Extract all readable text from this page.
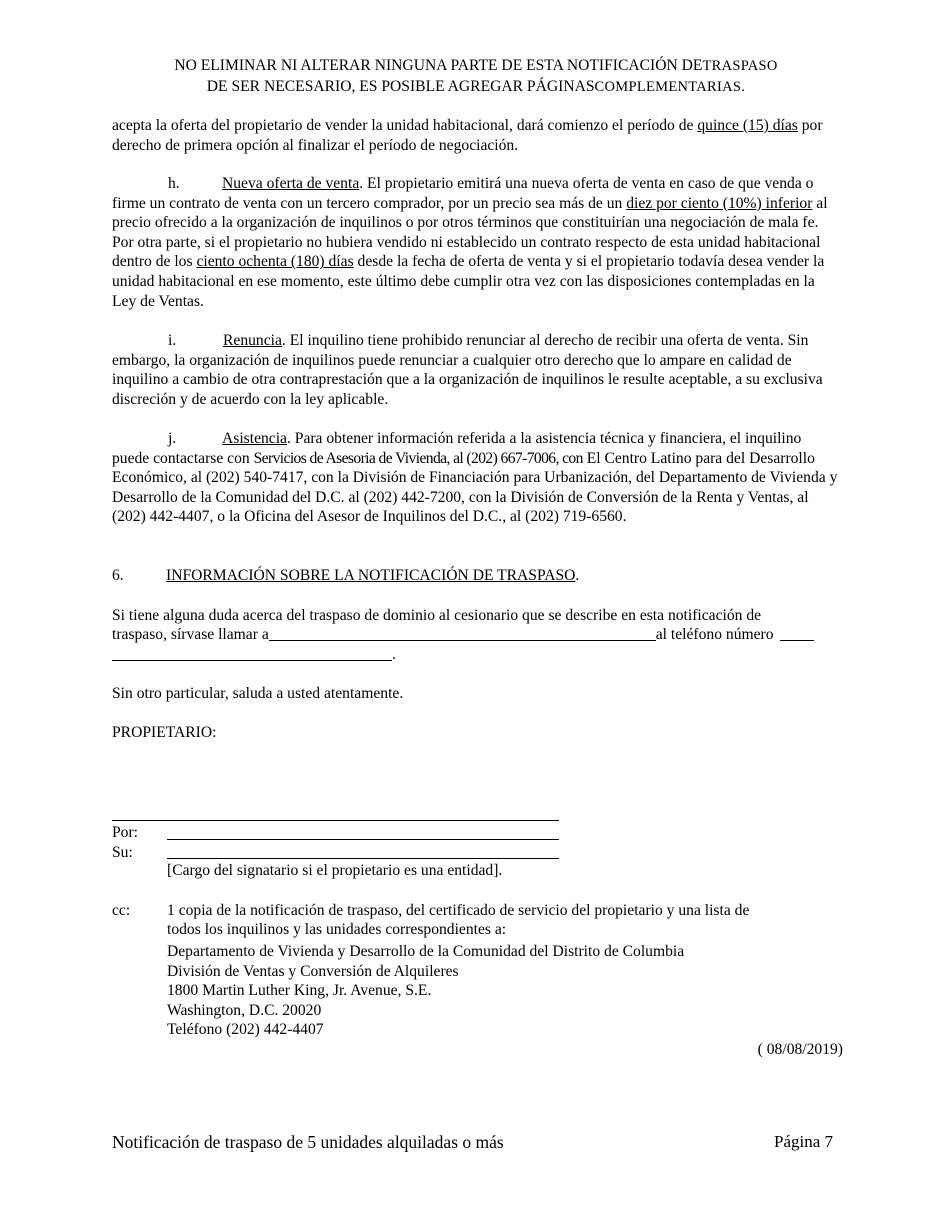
NO ELIMINAR NI ALTERAR NINGUNA PARTE DE ESTA NOTIFICACIÓN DETRASPASO
DE SER NECESARIO, ES POSIBLE AGREGAR PÁGINASCOMPLEMENTARIAS.
acepta la oferta del propietario de vender la unidad habitacional, dará comienzo el período de quince (15) días por derecho de primera opción al finalizar el período de negociación.
h.	Nueva oferta de venta. El propietario emitirá una nueva oferta de venta en caso de que venda o firme un contrato de venta con un tercero comprador, por un precio sea más de un diez por ciento (10%) inferior al precio ofrecido a la organización de inquilinos o por otros términos que constituirían una negociación de mala fe. Por otra parte, si el propietario no hubiera vendido ni establecido un contrato respecto de esta unidad habitacional dentro de los ciento ochenta (180) días desde la fecha de oferta de venta y si el propietario todavía desea vender la unidad habitacional en ese momento, este último debe cumplir otra vez con las disposiciones contempladas en la Ley de Ventas.
i.	Renuncia. El inquilino tiene prohibido renunciar al derecho de recibir una oferta de venta. Sin embargo, la organización de inquilinos puede renunciar a cualquier otro derecho que lo ampare en calidad de inquilino a cambio de otra contraprestación que a la organización de inquilinos le resulte aceptable, a su exclusiva discreción y de acuerdo con la ley aplicable.
j.	Asistencia. Para obtener información referida a la asistencia técnica y financiera, el inquilino puede contactarse con Servicios de Asesoria de Vivienda, al (202) 667-7006, con El Centro Latino para del Desarrollo Económico, al (202) 540-7417, con la División de Financiación para Urbanización, del Departamento de Vivienda y Desarrollo de la Comunidad del D.C. al (202) 442-7200, con la División de Conversión de la Renta y Ventas, al (202) 442-4407, o la Oficina del Asesor de Inquilinos del D.C., al (202) 719-6560.
6.	INFORMACIÓN SOBRE LA NOTIFICACIÓN DE TRASPASO.
Si tiene alguna duda acerca del traspaso de dominio al cesionario que se describe en esta notificación de
traspaso, sírvase llamar a	al teléfono número
.
Sin otro particular, saluda a usted atentamente.
PROPIETARIO:
Por:
Su:
[Cargo del signatario si el propietario es una entidad].
cc:	1 copia de la notificación de traspaso, del certificado de servicio del propietario y una lista de
todos los inquilinos y las unidades correspondientes a:
Departamento de Vivienda y Desarrollo de la Comunidad del Distrito de Columbia
División de Ventas y Conversión de Alquileres
1800 Martin Luther King, Jr. Avenue, S.E.
Washington, D.C. 20020
Teléfono (202) 442-4407
( 08/08/2019)
Notificación de traspaso de 5 unidades alquiladas o más	Página 7
